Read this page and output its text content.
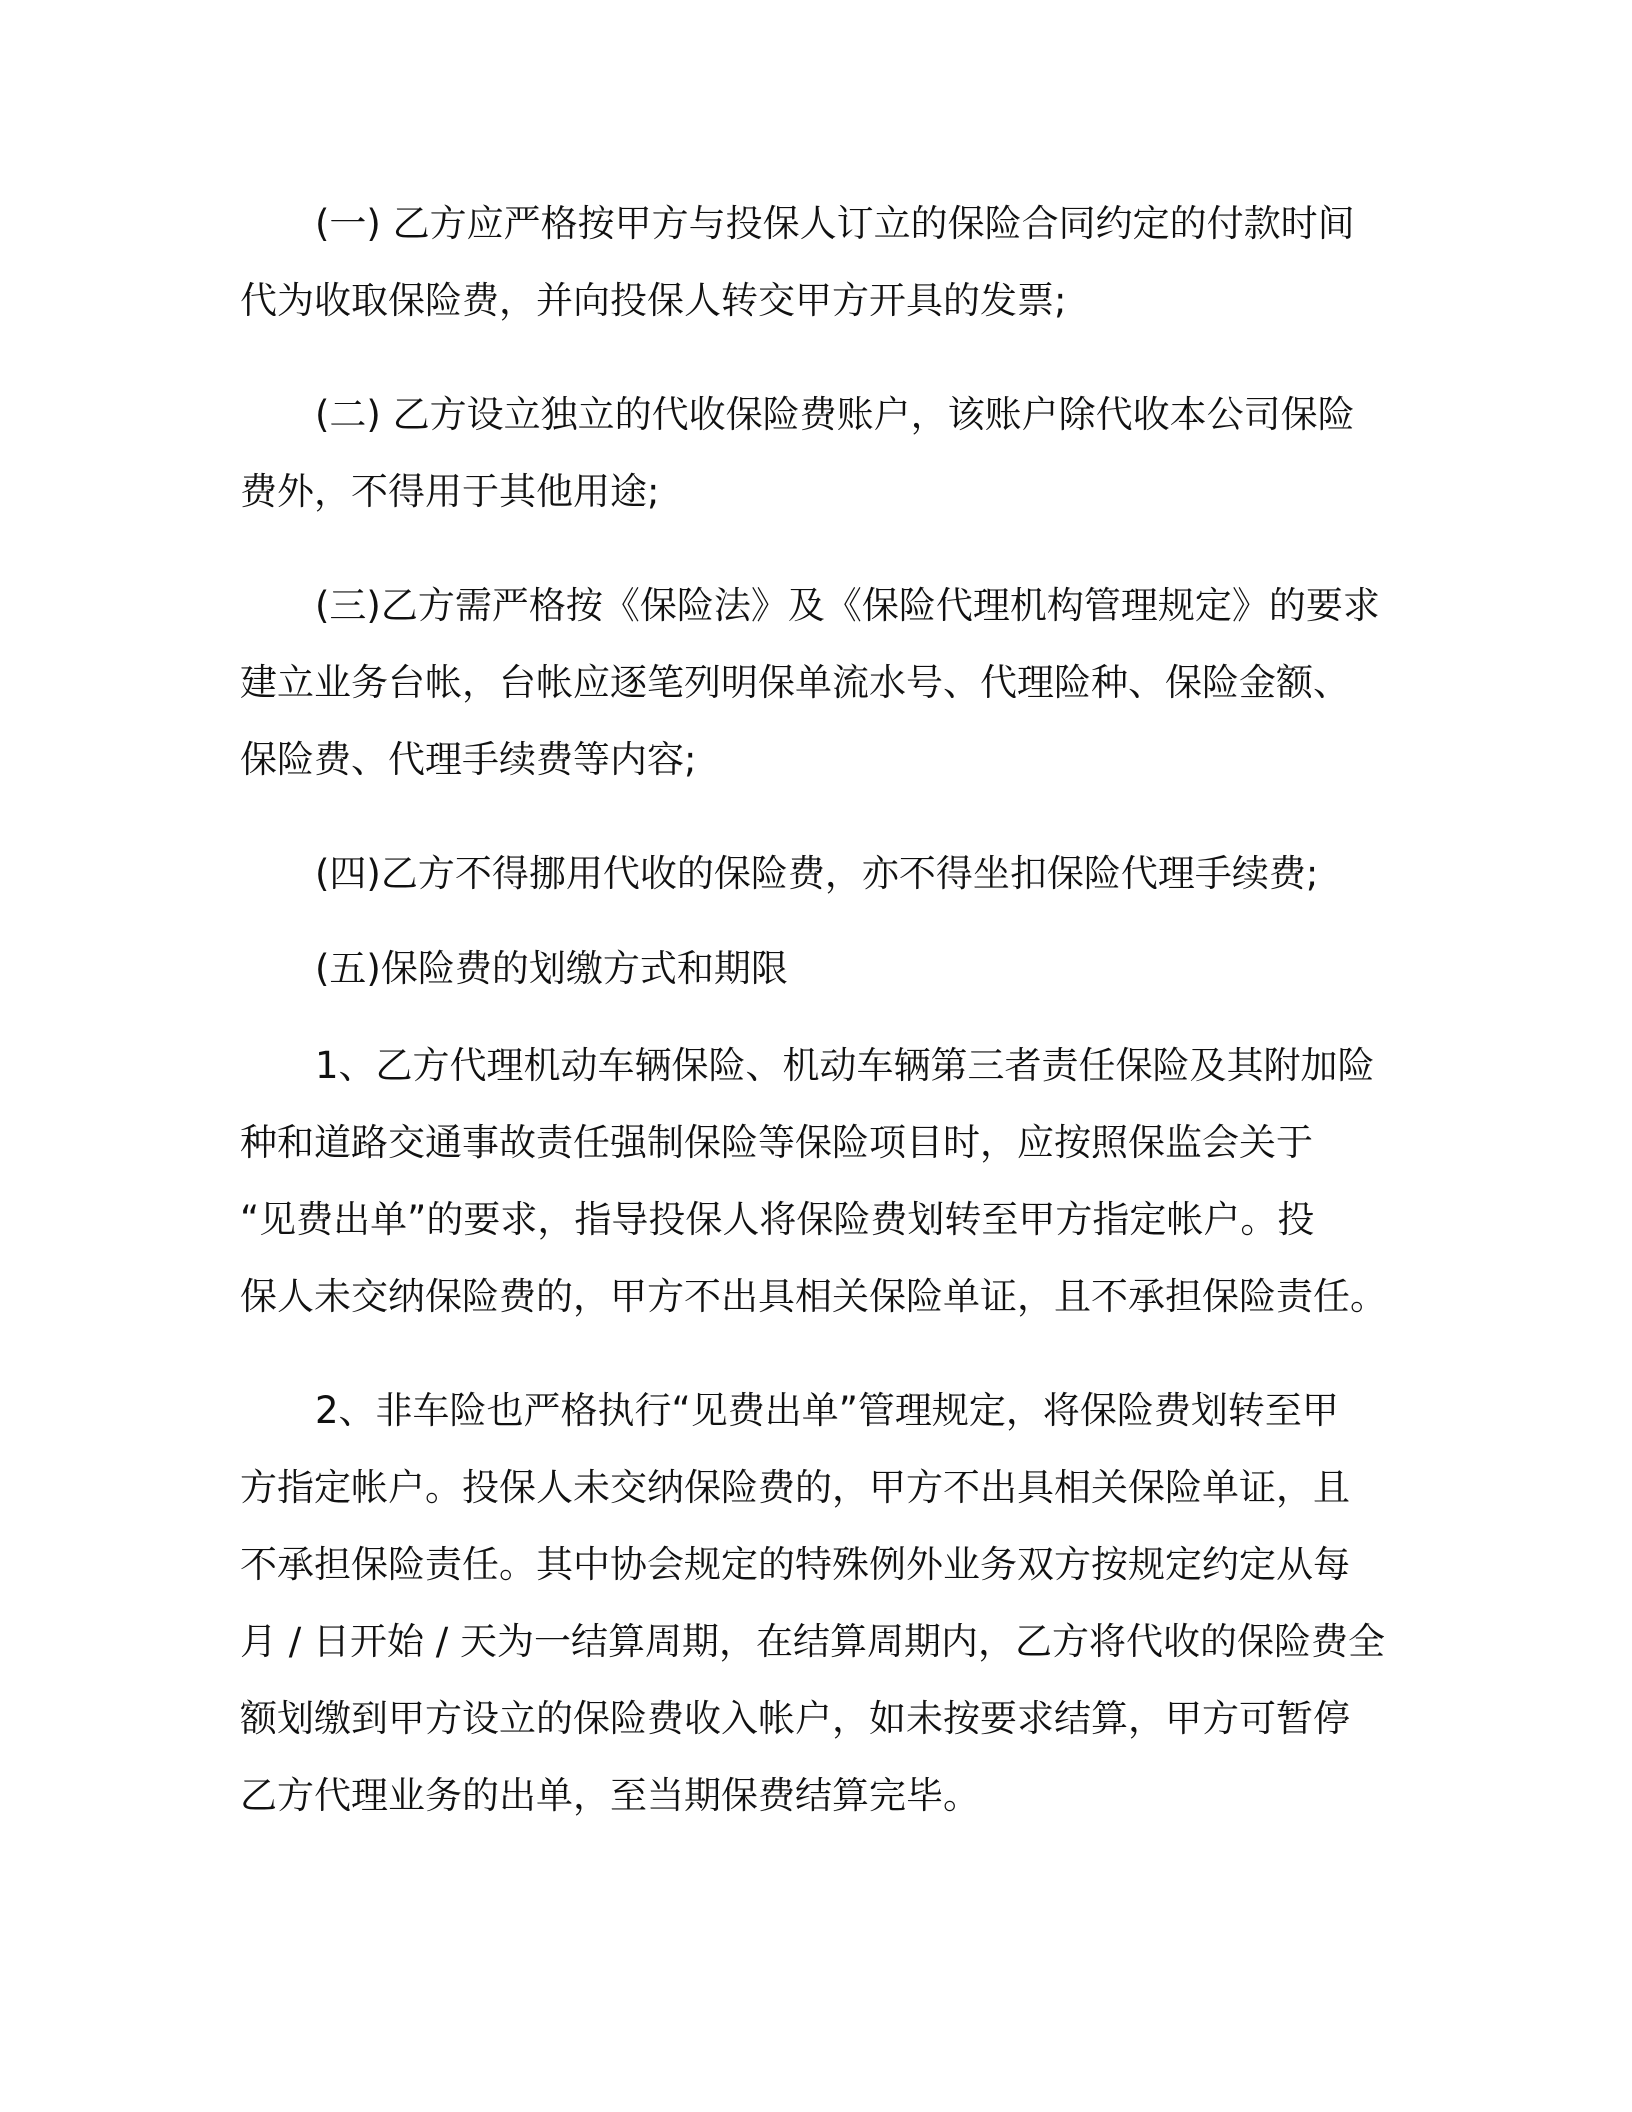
(一) 乙方应严格按甲方与投保人订立的保险合同约定的付款时间
代为收取保险费，并向投保人转交甲方开具的发票;
(二) 乙方设立独立的代收保险费账户，该账户除代收本公司保险
费外，不得用于其他用途;
(三)乙方需严格按《保险法》及《保险代理机构管理规定》的要求
建立业务台帐，台帐应逐笔列明保单流水号、代理险种、保险金额、
保险费、代理手续费等内容;
(四)乙方不得挪用代收的保险费，亦不得坐扣保险代理手续费;
(五)保险费的划缴方式和期限
1、乙方代理机动车辆保险、机动车辆第三者责任保险及其附加险
种和道路交通事故责任强制保险等保险项目时，应按照保监会关于
“见费出单”的要求，指导投保人将保险费划转至甲方指定帐户。投
保人未交纳保险费的，甲方不出具相关保险单证，且不承担保险责任。
2、非车险也严格执行“见费出单”管理规定，将保险费划转至甲
方指定帐户。投保人未交纳保险费的，甲方不出具相关保险单证，且
不承担保险责任。其中协会规定的特殊例外业务双方按规定约定从每
月 / 日开始 / 天为一结算周期，在结算周期内，乙方将代收的保险费全
额划缴到甲方设立的保险费收入帐户，如未按要求结算，甲方可暂停
乙方代理业务的出单，至当期保费结算完毕。
